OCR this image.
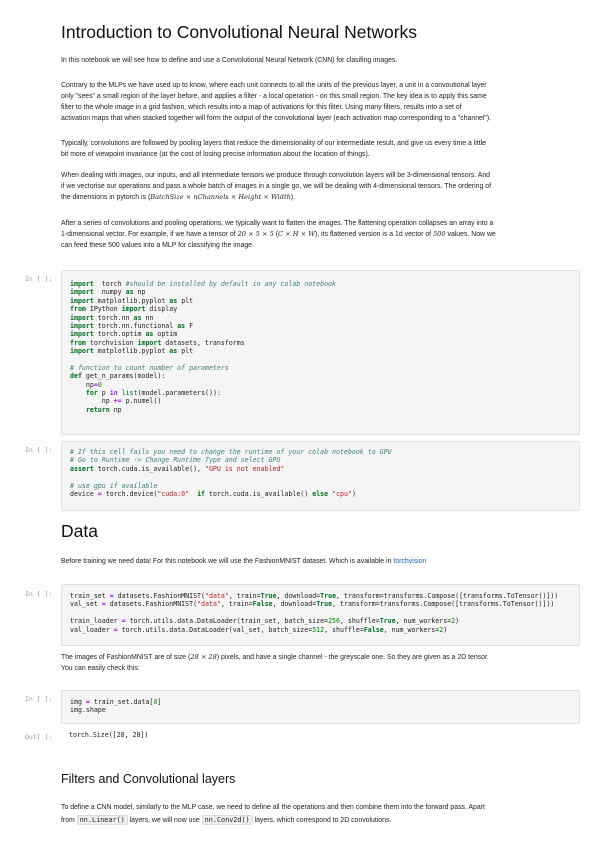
Introduction to Convolutional Neural Networks
In this notebook we will see how to define and use a Convolutional Neural Network (CNN) for clasifing images.
Contrary to the MLPs we have used up to know, where each unit connects to all the units of the previous layer, a unit in a convoutional layer
only "sees" a small region of the layer before, and applies a filter - a local operation - on this small region. The key idea is to apply this same
filter to the whole image in a grid fashion, which results into a map of activations for this filter. Using many filters, results into a set of
activation maps that when stacked together will form the output of the convolutional layer (each activation map corresponding to a "channel").
Typically, convolutions are followed by pooling layers that reduce the dimensionality of our intermediate result, and give us every time a little
bit more of viewpoint invariance (at the cost of losing precise information about the location of things).
When dealing with images, our inputs, and all intermediate tensors we produce through convolution layers will be 3-dimensional tensors. And
if we vectorise our operations and pass a whole batch of images in a single go, we will be dealing with 4-dimensional tensors. The ordering of
the dimensions in pytorch is (BatchSize × nChannels × Height × Width).
After a series of convolutions and pooling operations, we typically want to flatten the images. The flattening operation collapses an array into a
1-dimensional vector. For example, if we have a tensor of 20 × 5 × 5 (C × H × W), its flattened version is a 1d vector of 500 values. Now we
can feed these 500 values into a MLP for classifying the image.
In [ ]:
import  torch #should be installed by default in any colab notebook
import  numpy as np
import matplotlib.pyplot as plt
from IPython import display
import torch.nn as nn
import torch.nn.functional as F
import torch.optim as optim
from torchvision import datasets, transforms
import matplotlib.pyplot as plt
# function to count number of parameters
def get_n_params(model):
np=0
for p in list(model.parameters()):
np += p.numel()
return np
In [ ]:	# If this cell fails you need to change the runtime of your colab notebook to GPU
# Go to Runtime -> Change Runtime Type and select GPU
assert torch.cuda.is_available(), "GPU is not enabled"
# use gpu if available
device = torch.device("cuda:0"  if torch.cuda.is_available() else "cpu")
Data
Before training we need data! For this notebook we will use the FashionMNIST dataset. Which is available in torchvision
In [ ]:	train_set = datasets.FashionMNIST("data", train=True, download=True, transform=transforms.Compose([transforms.ToTensor()]))
val_set = datasets.FashionMNIST("data", train=False, download=True, transform=transforms.Compose([transforms.ToTensor()]))
train_loader = torch.utils.data.DataLoader(train_set, batch_size=256, shuffle=True, num_workers=2)
val_loader = torch.utils.data.DataLoader(val_set, batch_size=512, shuffle=False, num_workers=2)
The images of FashionMNIST are of size (28 × 28) pixels, and have a single channel - the greyscale one. So they are given as a 2D tensor.
You can easily check this:
In [ ]:	img = train_set.data[0]
img.shape
Out[ ]:	torch.Size([28, 28])
Filters and Convolutional layers
To define a CNN model, similarly to the MLP case, we need to define all the operations and then combine them into the forward pass. Apart
from nn.Linear() layers, we will now use nn.Conv2d() layers, which correspond to 2D convolutions.
